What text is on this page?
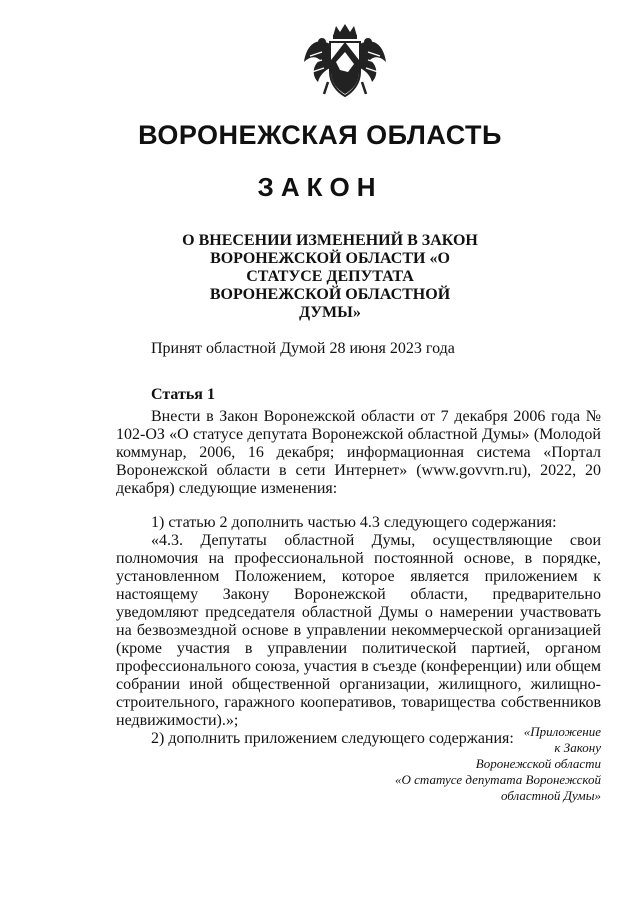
ВОРОНЕЖСКАЯ ОБЛАСТЬ
ЗАКОН
О ВНЕСЕНИИ ИЗМЕНЕНИЙ В ЗАКОН ВОРОНЕЖСКОЙ ОБЛАСТИ «О СТАТУСЕ ДЕПУТАТА ВОРОНЕЖСКОЙ ОБЛАСТНОЙ ДУМЫ»
Принят областной Думой 28 июня 2023 года
Статья 1

Внести в Закон Воронежской области от 7 декабря 2006 года № 102-ОЗ «О статусе депутата Воронежской областной Думы» (Молодой коммунар, 2006, 16 декабря; информационная система «Портал Воронежской области в сети Интернет» (www.govvrn.ru), 2022, 20 декабря) следующие изменения:

1) статью 2 дополнить частью 4.3 следующего содержания:

«4.3. Депутаты областной Думы, осуществляющие свои полномочия на профессиональной постоянной основе, в порядке, установленном Положением, которое является приложением к настоящему Закону Воронежской области, предварительно уведомляют председателя областной Думы о намерении участвовать на безвозмездной основе в управлении некоммерческой организацией (кроме участия в управлении политической партией, органом профессионального союза, участия в съезде (конференции) или общем собрании иной общественной организации, жилищного, жилищно-строительного, гаражного кооперативов, товарищества собственников недвижимости).»;

2) дополнить приложением следующего содержания: «Приложение
к Закону
Воронежской области
«О статусе депутата Воронежской
областной Думы»
